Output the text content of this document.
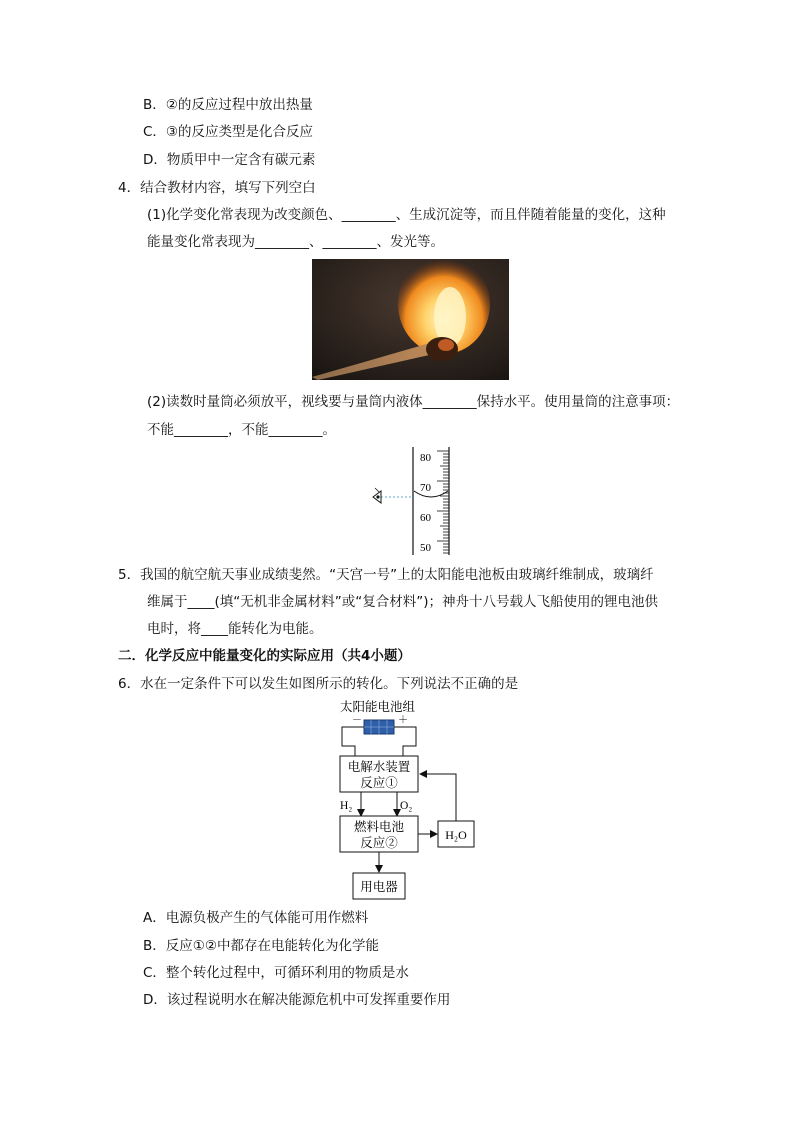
B．②的反应过程中放出热量
C．③的反应类型是化合反应
D．物质甲中一定含有碳元素
4．结合教材内容，填写下列空白
(1)化学变化常表现为改变颜色、________、生成沉淀等，而且伴随着能量的变化，这种
能量变化常表现为________、________、发光等。
(2)读数时量筒必须放平，视线要与量筒内液体________保持水平。使用量筒的注意事项：
不能________，不能________。
80
70
60
50
5．我国的航空航天事业成绩斐然。“天宫一号”上的太阳能电池板由玻璃纤维制成，玻璃纤
维属于____(填“无机非金属材料”或“复合材料”)；神舟十八号载人飞船使用的锂电池供
电时，将____能转化为电能。
二．化学反应中能量变化的实际应用（共4小题）
6．水在一定条件下可以发生如图所示的转化。下列说法不正确的是
太阳能电池组
－	＋
电解水装置
反应①
H₂	O₂
燃料电池
反应②
H₂O
用电器
A．电源负极产生的气体能可用作燃料
B．反应①②中都存在电能转化为化学能
C．整个转化过程中，可循环利用的物质是水
D．该过程说明水在解决能源危机中可发挥重要作用
